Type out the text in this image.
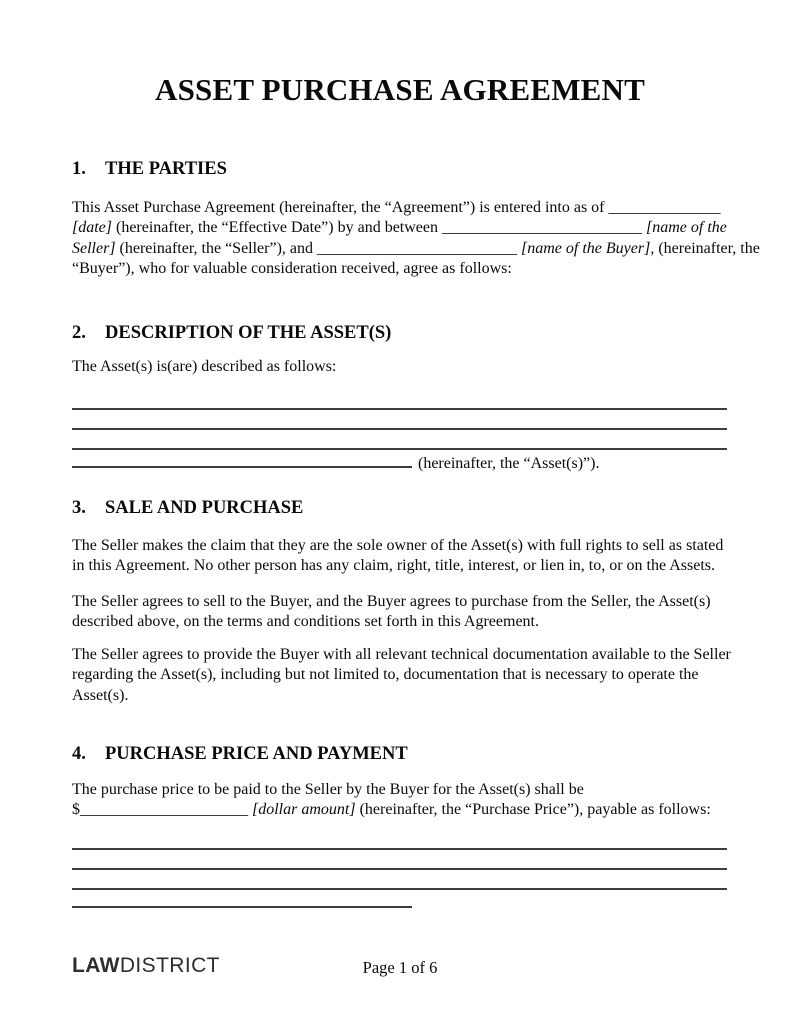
ASSET PURCHASE AGREEMENT
1. THE PARTIES
This Asset Purchase Agreement (hereinafter, the “Agreement”) is entered into as of ______________
[date] (hereinafter, the “Effective Date”) by and between _________________________ [name of the
Seller] (hereinafter, the “Seller”), and _________________________ [name of the Buyer], (hereinafter, the
“Buyer”), who for valuable consideration received, agree as follows:
2. DESCRIPTION OF THE ASSET(S)
The Asset(s) is(are) described as follows:
(hereinafter, the “Asset(s)”).
3. SALE AND PURCHASE
The Seller makes the claim that they are the sole owner of the Asset(s) with full rights to sell as stated
in this Agreement. No other person has any claim, right, title, interest, or lien in, to, or on the Assets.
The Seller agrees to sell to the Buyer, and the Buyer agrees to purchase from the Seller, the Asset(s)
described above, on the terms and conditions set forth in this Agreement.
The Seller agrees to provide the Buyer with all relevant technical documentation available to the Seller
regarding the Asset(s), including but not limited to, documentation that is necessary to operate the
Asset(s).
4. PURCHASE PRICE AND PAYMENT
The purchase price to be paid to the Seller by the Buyer for the Asset(s) shall be
$_____________________ [dollar amount] (hereinafter, the “Purchase Price”), payable as follows:
LAWDISTRICT	Page 1 of 6
